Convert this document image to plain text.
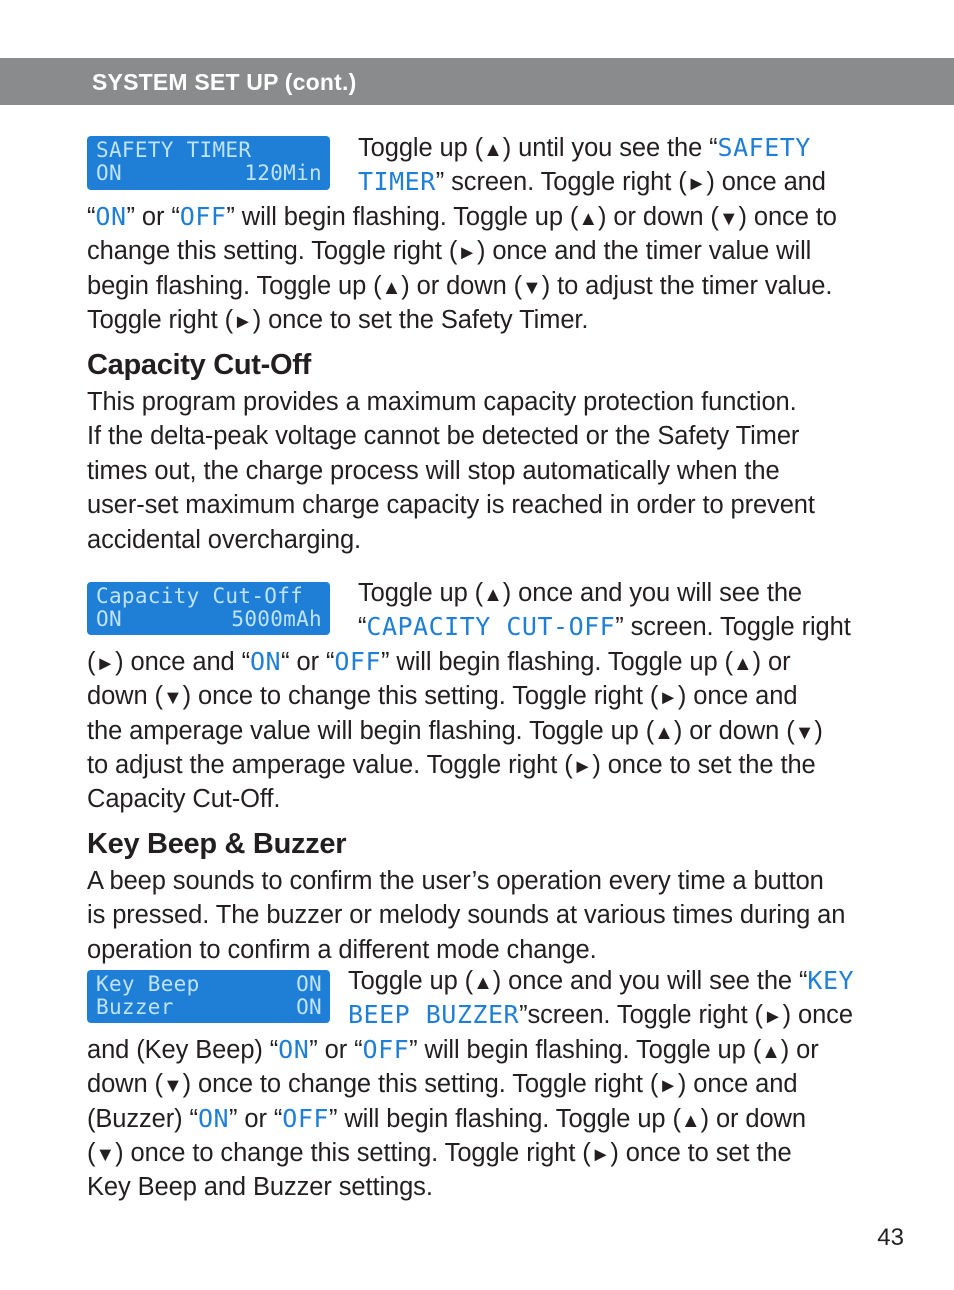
SYSTEM SET UP (cont.)
SAFETY TIMER
ON	120Min
Toggle up (▲) until you see the “SAFETY
TIMER” screen. Toggle right (►) once and
“ON” or “OFF” will begin flashing. Toggle up (▲) or down (▼) once to
change this setting. Toggle right (►) once and the timer value will
begin flashing. Toggle up (▲) or down (▼) to adjust the timer value.
Toggle right (►) once to set the Safety Timer.
Capacity Cut-Off
This program provides a maximum capacity protection function.
If the delta-peak voltage cannot be detected or the Safety Timer
times out, the charge process will stop automatically when the
user-set maximum charge capacity is reached in order to prevent
accidental overcharging.
Capacity Cut-Off
ON	5000mAh
Toggle up (▲) once and you will see the
“CAPACITY CUT-OFF” screen. Toggle right
(►) once and “ON“ or “OFF” will begin flashing. Toggle up (▲) or
down (▼) once to change this setting. Toggle right (►) once and
the amperage value will begin flashing. Toggle up (▲) or down (▼)
to adjust the amperage value. Toggle right (►) once to set the the
Capacity Cut-Off.
Key Beep & Buzzer
A beep sounds to confirm the user’s operation every time a button
is pressed. The buzzer or melody sounds at various times during an
operation to confirm a different mode change.
Key Beep	ON
Buzzer	ON
Toggle up (▲) once and you will see the “KEY
BEEP BUZZER”screen. Toggle right (►) once
and (Key Beep) “ON” or “OFF” will begin flashing. Toggle up (▲) or
down (▼) once to change this setting. Toggle right (►) once and
(Buzzer) “ON” or “OFF” will begin flashing. Toggle up (▲) or down
(▼) once to change this setting. Toggle right (►) once to set the
Key Beep and Buzzer settings.
43
